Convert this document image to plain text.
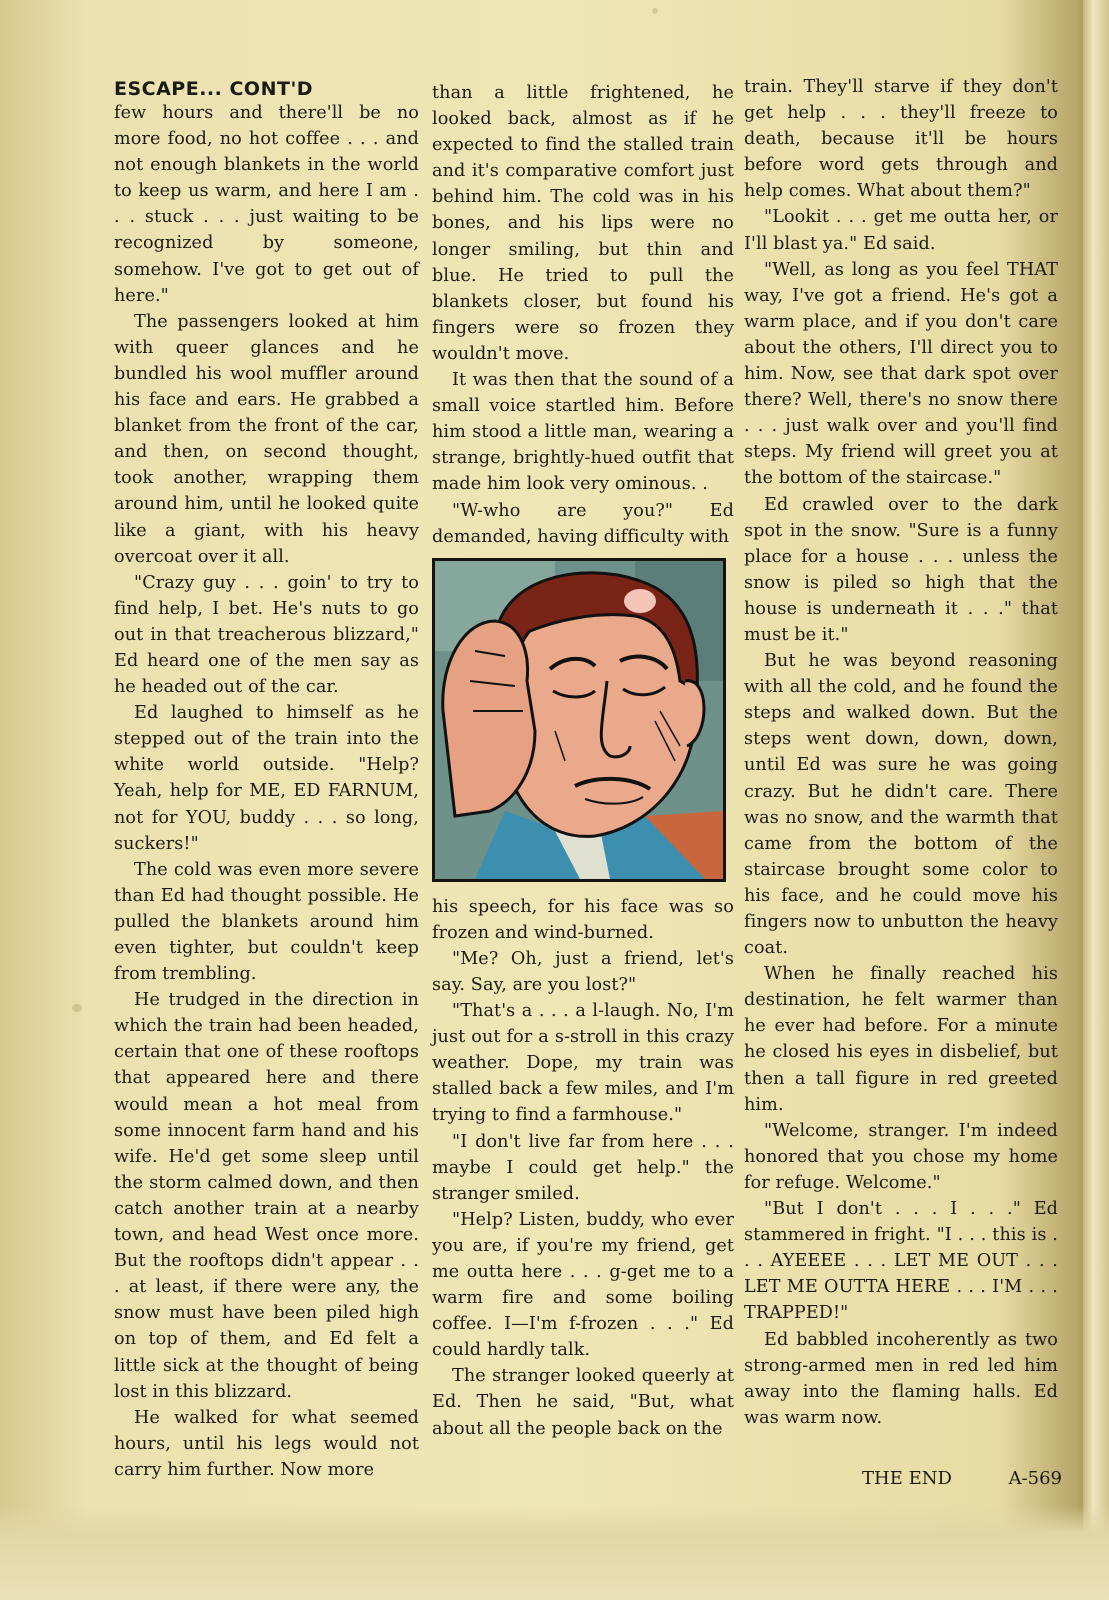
ESCAPE... CONT'D

few hours and there'll be no more food, no hot coffee . . . and not enough blankets in the world to keep us warm, and here I am . . . stuck . . . just waiting to be recognized by someone, somehow. I've got to get out of here."

The passengers looked at him with queer glances and he bundled his wool muffler around his face and ears. He grabbed a blanket from the front of the car, and then, on second thought, took another, wrapping them around him, until he looked quite like a giant, with his heavy overcoat over it all.

"Crazy guy . . . goin' to try to find help, I bet. He's nuts to go out in that treacherous blizzard," Ed heard one of the men say as he headed out of the car.

Ed laughed to himself as he stepped out of the train into the white world outside. "Help? Yeah, help for ME, ED FARNUM, not for YOU, buddy . . . so long, suckers!"

The cold was even more severe than Ed had thought possible. He pulled the blankets around him even tighter, but couldn't keep from trembling.

He trudged in the direction in which the train had been headed, certain that one of these rooftops that appeared here and there would mean a hot meal from some innocent farm hand and his wife. He'd get some sleep until the storm calmed down, and then catch another train at a nearby town, and head West once more. But the rooftops didn't appear . . . at least, if there were any, the snow must have been piled high on top of them, and Ed felt a little sick at the thought of being lost in this blizzard.

He walked for what seemed hours, until his legs would not carry him further. Now more

than a little frightened, he looked back, almost as if he expected to find the stalled train and it's comparative comfort just behind him. The cold was in his bones, and his lips were no longer smiling, but thin and blue. He tried to pull the blankets closer, but found his fingers were so frozen they wouldn't move.

It was then that the sound of a small voice startled him. Before him stood a little man, wearing a strange, brightly-hued outfit that made him look very ominous. .

"W-who are you?" Ed demanded, having difficulty with

his speech, for his face was so frozen and wind-burned.

"Me? Oh, just a friend, let's say. Say, are you lost?"

"That's a . . . a l-laugh. No, I'm just out for a s-stroll in this crazy weather. Dope, my train was stalled back a few miles, and I'm trying to find a farmhouse."

"I don't live far from here . . . maybe I could get help." the stranger smiled.

"Help? Listen, buddy, who ever you are, if you're my friend, get me outta here . . . g-get me to a warm fire and some boiling coffee. I—I'm f-frozen . . ." Ed could hardly talk.

The stranger looked queerly at Ed. Then he said, "But, what about all the people back on the

train. They'll starve if they don't get help . . . they'll freeze to death, because it'll be hours before word gets through and help comes. What about them?"

"Lookit . . . get me outta her, or I'll blast ya." Ed said.

"Well, as long as you feel THAT way, I've got a friend. He's got a warm place, and if you don't care about the others, I'll direct you to him. Now, see that dark spot over there? Well, there's no snow there . . . just walk over and you'll find steps. My friend will greet you at the bottom of the staircase."

Ed crawled over to the dark spot in the snow. "Sure is a funny place for a house . . . unless the snow is piled so high that the house is underneath it . . ." that must be it."

But he was beyond reasoning with all the cold, and he found the steps and walked down. But the steps went down, down, down, until Ed was sure he was going crazy. But he didn't care. There was no snow, and the warmth that came from the bottom of the staircase brought some color to his face, and he could move his fingers now to unbutton the heavy coat.

When he finally reached his destination, he felt warmer than he ever had before. For a minute he closed his eyes in disbelief, but then a tall figure in red greeted him.

"Welcome, stranger. I'm indeed honored that you chose my home for refuge. Welcome."

"But I don't . . . I . . ." Ed stammered in fright. "I . . . this is . . . AYEEEE . . . LET ME OUT . . . LET ME OUTTA HERE . . . I'M . . . TRAPPED!"

Ed babbled incoherently as two strong-armed men in red led him away into the flaming halls. Ed was warm now.

THE END	A-569
